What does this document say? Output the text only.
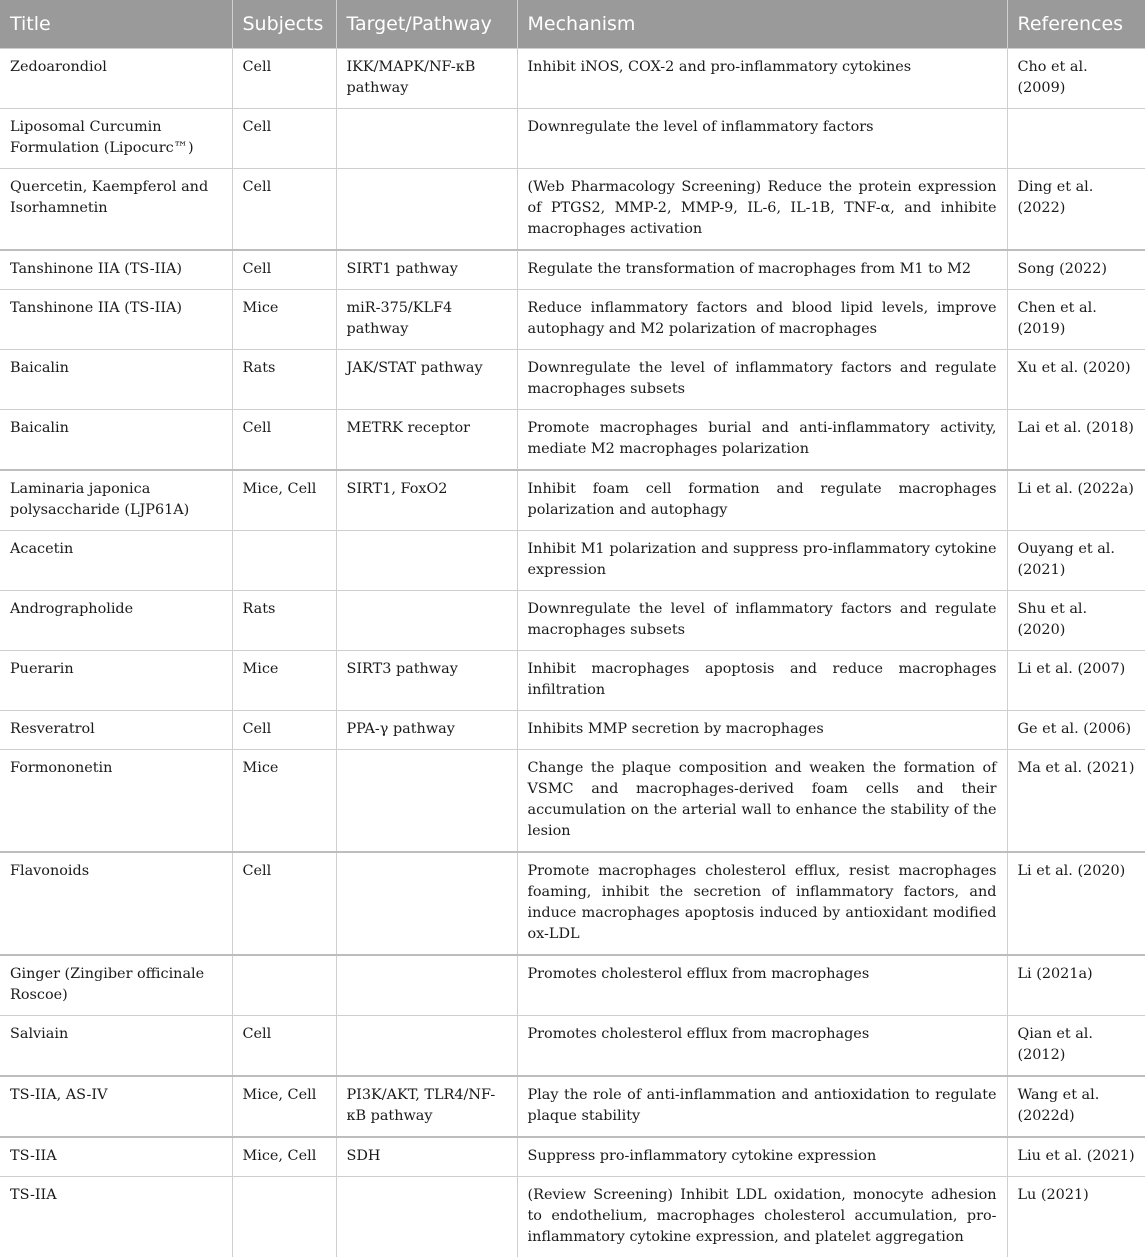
Title	Subjects	Target/Pathway	Mechanism	References
Zedoarondiol	Cell	IKK/MAPK/NF-κB pathway	Inhibit iNOS, COX-2 and pro-inflammatory cytokines	Cho et al. (2009)
Liposomal Curcumin Formulation (Lipocurc™)	Cell		Downregulate the level of inflammatory factors	
Quercetin, Kaempferol and Isorhamnetin	Cell		(Web Pharmacology Screening) Reduce the protein expression of PTGS2, MMP-2, MMP-9, IL-6, IL-1B, TNF-α, and inhibite macrophages activation	Ding et al. (2022)
Tanshinone IIA (TS-IIA)	Cell	SIRT1 pathway	Regulate the transformation of macrophages from M1 to M2	Song (2022)
Tanshinone IIA (TS-IIA)	Mice	miR-375/KLF4 pathway	Reduce inflammatory factors and blood lipid levels, improve autophagy and M2 polarization of macrophages	Chen et al. (2019)
Baicalin	Rats	JAK/STAT pathway	Downregulate the level of inflammatory factors and regulate macrophages subsets	Xu et al. (2020)
Baicalin	Cell	METRK receptor	Promote macrophages burial and anti-inflammatory activity, mediate M2 macrophages polarization	Lai et al. (2018)
Laminaria japonica polysaccharide (LJP61A)	Mice, Cell	SIRT1, FoxO2	Inhibit foam cell formation and regulate macrophages polarization and autophagy	Li et al. (2022a)
Acacetin			Inhibit M1 polarization and suppress pro-inflammatory cytokine expression	Ouyang et al. (2021)
Andrographolide	Rats		Downregulate the level of inflammatory factors and regulate macrophages subsets	Shu et al. (2020)
Puerarin	Mice	SIRT3 pathway	Inhibit macrophages apoptosis and reduce macrophages infiltration	Li et al. (2007)
Resveratrol	Cell	PPA-γ pathway	Inhibits MMP secretion by macrophages	Ge et al. (2006)
Formononetin	Mice		Change the plaque composition and weaken the formation of VSMC and macrophages-derived foam cells and their accumulation on the arterial wall to enhance the stability of the lesion	Ma et al. (2021)
Flavonoids	Cell		Promote macrophages cholesterol efflux, resist macrophages foaming, inhibit the secretion of inflammatory factors, and induce macrophages apoptosis induced by antioxidant modified ox-LDL	Li et al. (2020)
Ginger (Zingiber officinale Roscoe)			Promotes cholesterol efflux from macrophages	Li (2021a)
Salviain	Cell		Promotes cholesterol efflux from macrophages	Qian et al. (2012)
TS-IIA, AS-IV	Mice, Cell	PI3K/AKT, TLR4/NF-κB pathway	Play the role of anti-inflammation and antioxidation to regulate plaque stability	Wang et al. (2022d)
TS-IIA	Mice, Cell	SDH	Suppress pro-inflammatory cytokine expression	Liu et al. (2021)
TS-IIA			(Review Screening) Inhibit LDL oxidation, monocyte adhesion to endothelium, macrophages cholesterol accumulation, pro-inflammatory cytokine expression, and platelet aggregation	Lu (2021)
